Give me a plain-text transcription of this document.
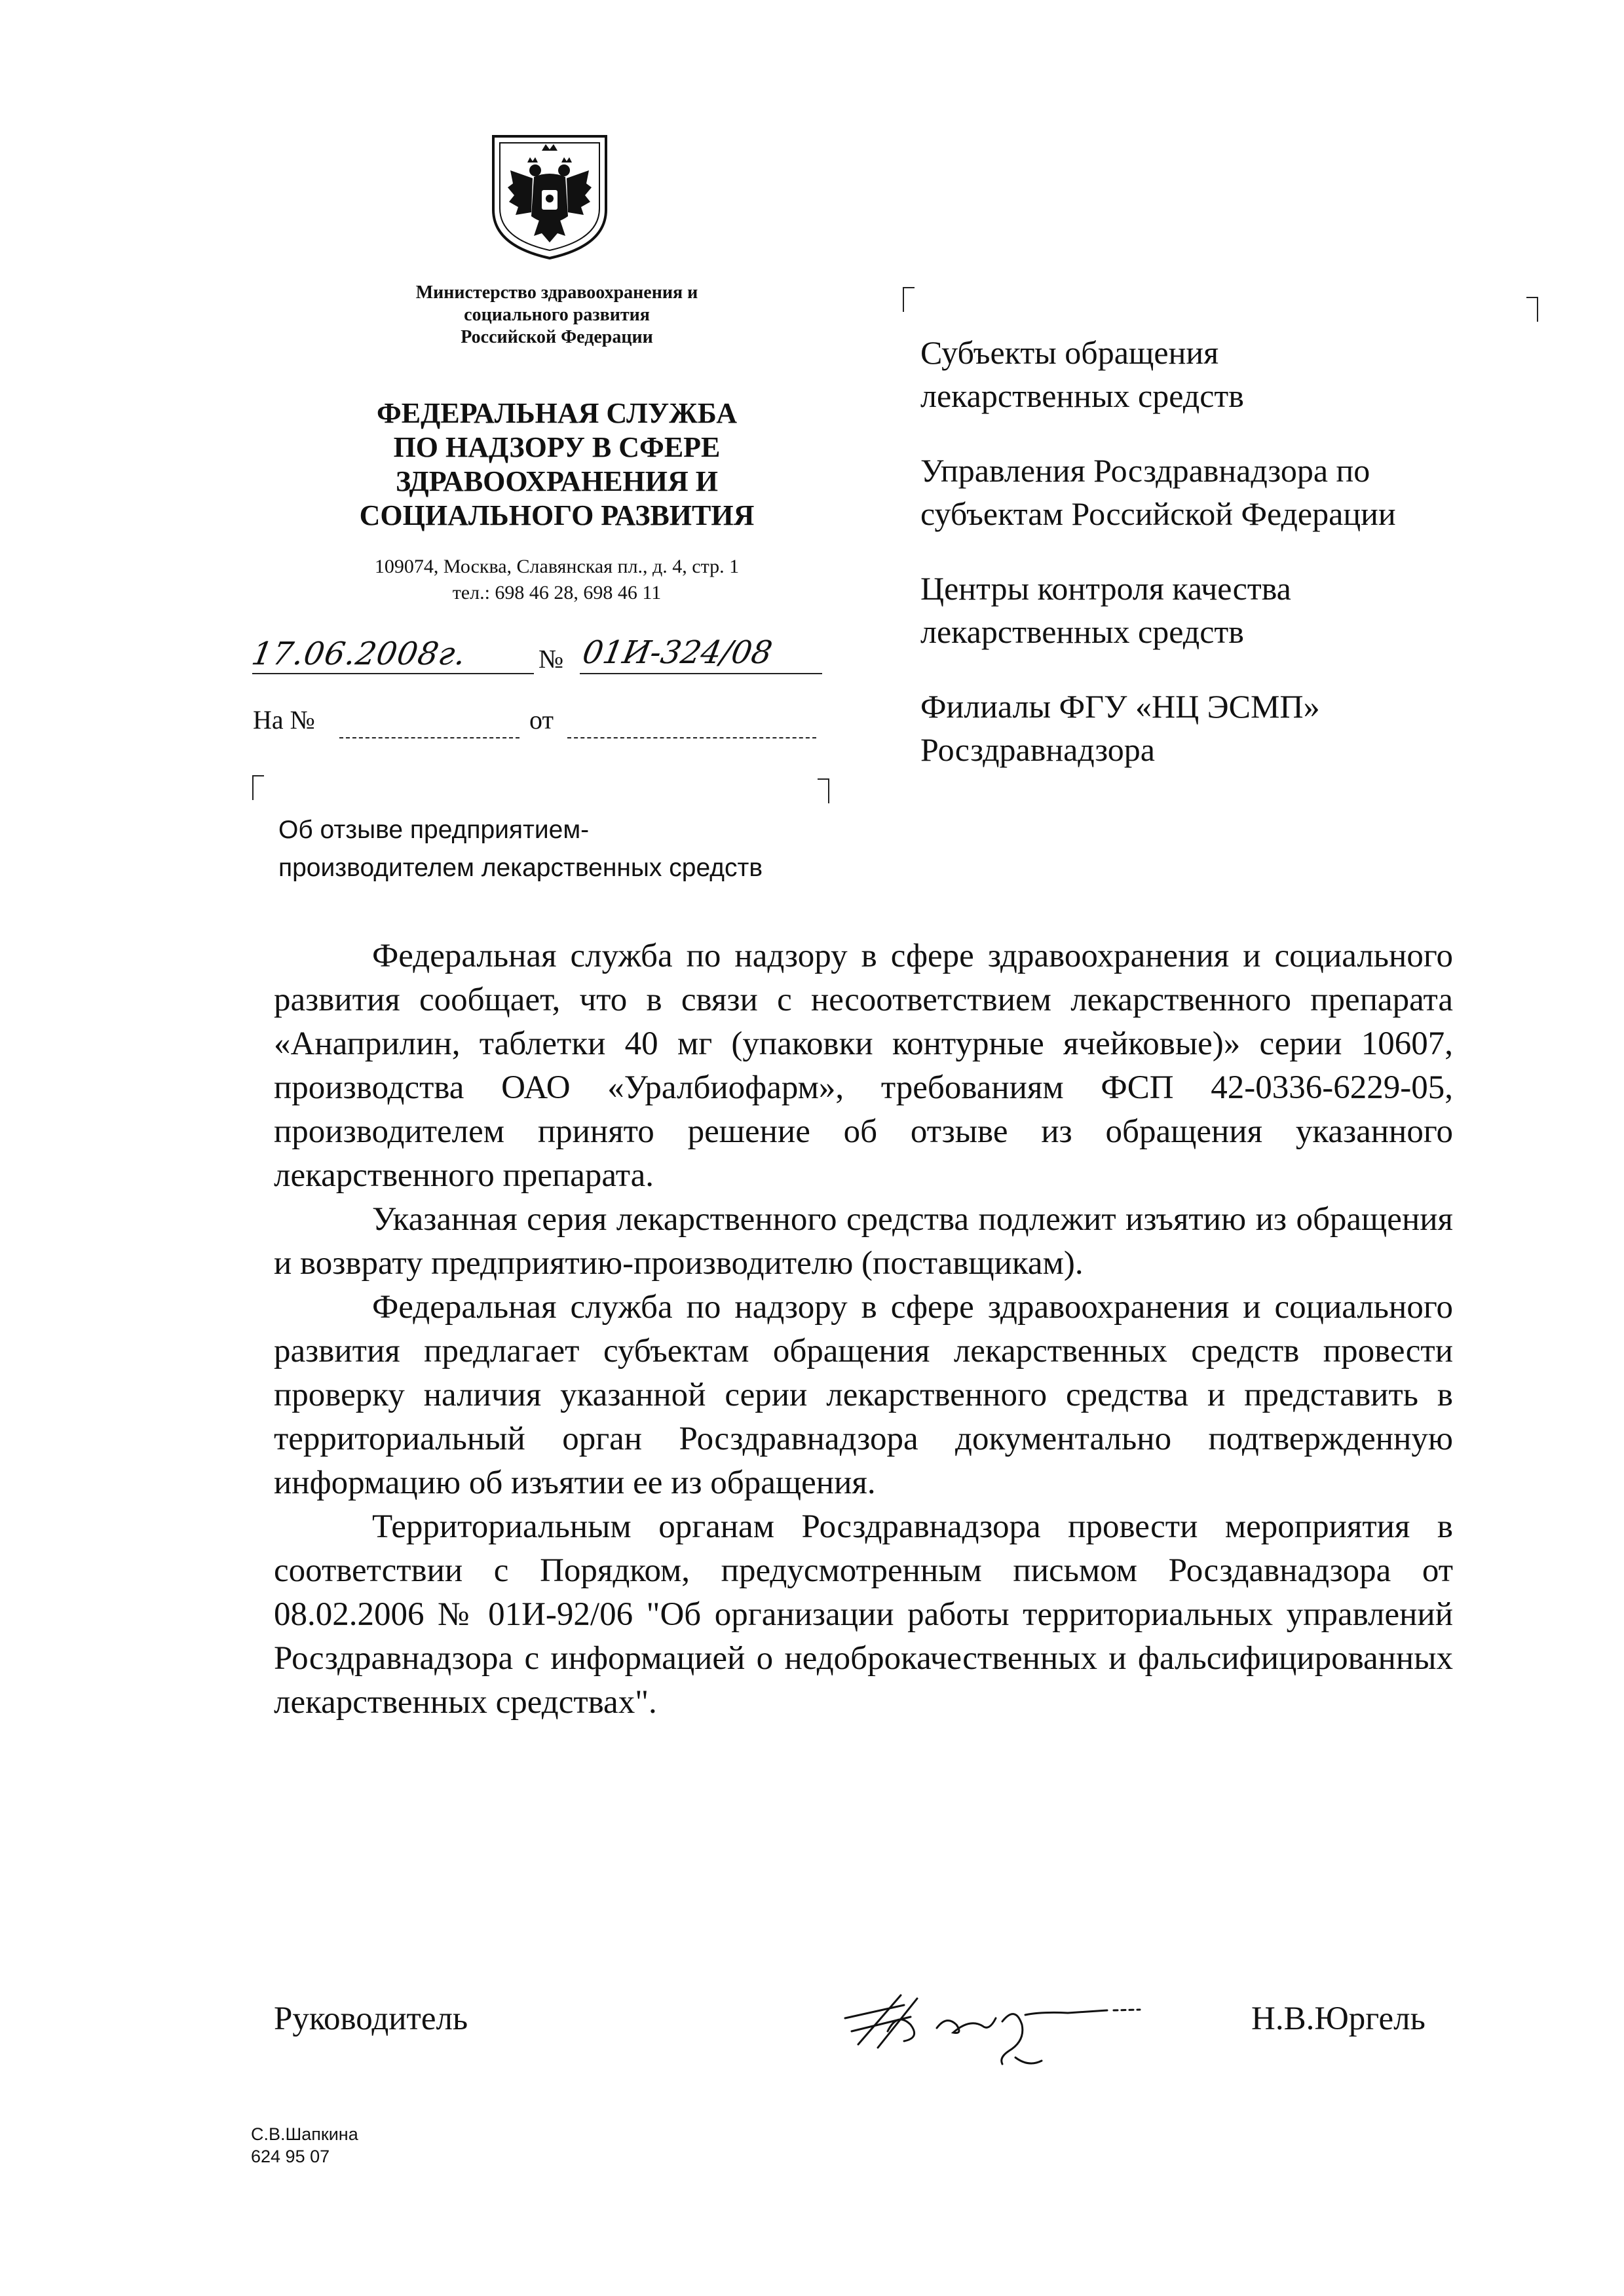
Министерство здравоохранения и
социального развития
Российской Федерации
ФЕДЕРАЛЬНАЯ СЛУЖБА
ПО НАДЗОРУ В СФЕРЕ
ЗДРАВООХРАНЕНИЯ И
СОЦИАЛЬНОГО РАЗВИТИЯ
109074, Москва, Славянская пл., д. 4, стр. 1
тел.: 698 46 28, 698 46 11
17.06.2008г.	№ 01И-324/08
На №	от
Об отзыве предприятием-
производителем лекарственных средств
Субъекты обращения
лекарственных средств
Управления Росздравнадзора по
субъектам Российской Федерации
Центры контроля качества
лекарственных средств
Филиалы ФГУ «НЦ ЭСМП»
Росздравнадзора

Федеральная служба по надзору в сфере здравоохранения и социального развития сообщает, что в связи с несоответствием лекарственного препарата «Анаприлин, таблетки 40 мг (упаковки контурные ячейковые)» серии 10607, производства ОАО «Уралбиофарм», требованиям ФСП 42-0336-6229-05, производителем принято решение об отзыве из обращения указанного лекарственного препарата.

Указанная серия лекарственного средства подлежит изъятию из обращения и возврату предприятию-производителю (поставщикам).

Федеральная служба по надзору в сфере здравоохранения и социального развития предлагает субъектам обращения лекарственных средств провести проверку наличия указанной серии лекарственного средства и представить в территориальный орган Росздравнадзора документально подтвержденную информацию об изъятии ее из обращения.

Территориальным органам Росздравнадзора провести мероприятия в соответствии с Порядком, предусмотренным письмом Росздавнадзора от 08.02.2006 № 01И-92/06 "Об организации работы территориальных управлений Росздравнадзора с информацией о недоброкачественных и фальсифицированных лекарственных средствах".

Руководитель	Н.В.Юргель
С.В.Шапкина
624 95 07
